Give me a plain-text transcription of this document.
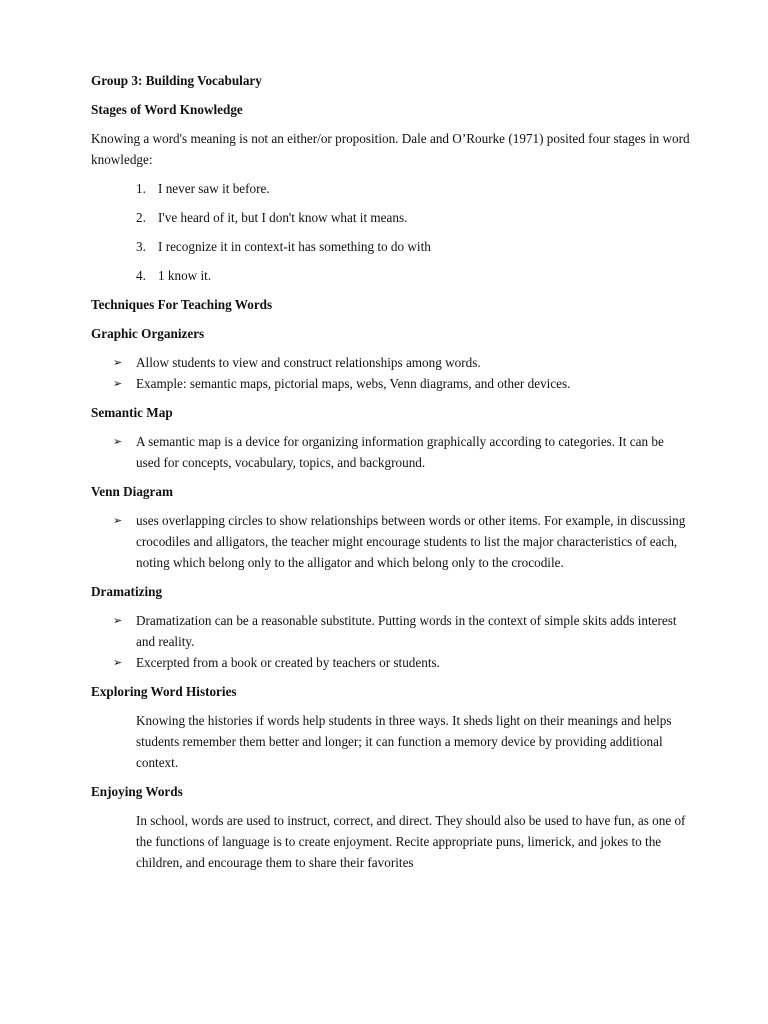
Group 3: Building Vocabulary
Stages of Word Knowledge
Knowing a word's meaning is not an either/or proposition. Dale and O’Rourke (1971) posited four stages in word knowledge:
1. I never saw it before.
2. I've heard of it, but I don't know what it means.
3. I recognize it in context-it has something to do with
4. 1 know it.
Techniques For Teaching Words
Graphic Organizers
➢ Allow students to view and construct relationships among words.
➢ Example: semantic maps, pictorial maps, webs, Venn diagrams, and other devices.
Semantic Map
➢ A semantic map is a device for organizing information graphically according to categories. It can be used for concepts, vocabulary, topics, and background.
Venn Diagram
➢ uses overlapping circles to show relationships between words or other items. For example, in discussing crocodiles and alligators, the teacher might encourage students to list the major characteristics of each, noting which belong only to the alligator and which belong only to the crocodile.
Dramatizing
➢ Dramatization can be a reasonable substitute. Putting words in the context of simple skits adds interest and reality.
➢ Excerpted from a book or created by teachers or students.
Exploring Word Histories
Knowing the histories if words help students in three ways. It sheds light on their meanings and helps students remember them better and longer; it can function a memory device by providing additional context.
Enjoying Words
In school, words are used to instruct, correct, and direct. They should also be used to have fun, as one of the functions of language is to create enjoyment. Recite appropriate puns, limerick, and jokes to the children, and encourage them to share their favorites
